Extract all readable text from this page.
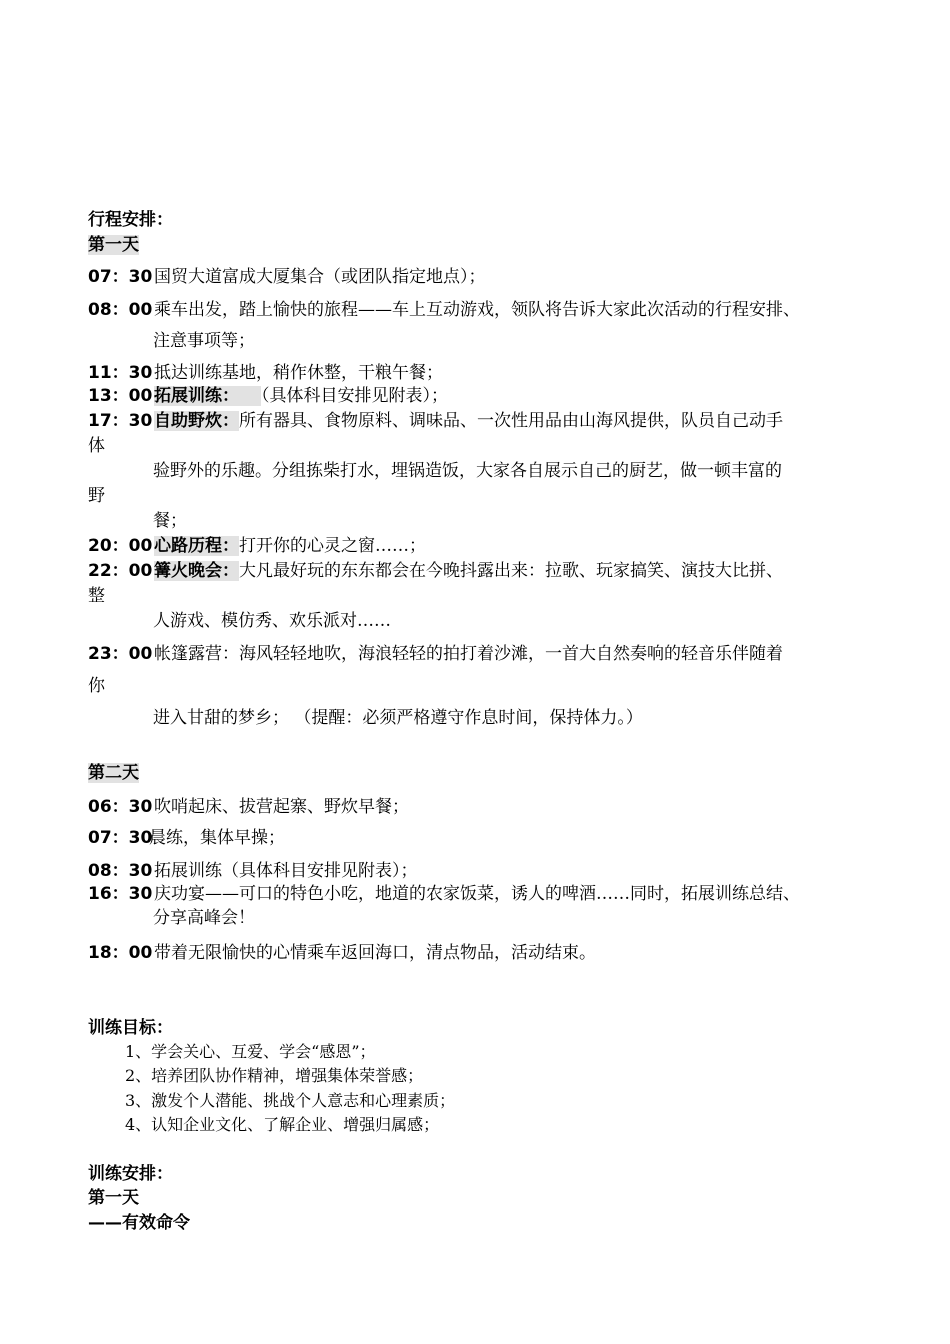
行程安排：
第一天
07：30国贸大道富成大厦集合（或团队指定地点）；
08：00乘车出发，踏上愉快的旅程——车上互动游戏，领队将告诉大家此次活动的行程安排、
注意事项等；
11：30抵达训练基地，稍作休整，干粮午餐；
13：00拓展训练： （具体科目安排见附表）；
17：30自助野炊：所有器具、食物原料、调味品、一次性用品由山海风提供，队员自己动手
体
验野外的乐趣。分组拣柴打水，埋锅造饭，大家各自展示自己的厨艺，做一顿丰富的
野
餐；
20：00心路历程：打开你的心灵之窗……；
22：00篝火晚会：大凡最好玩的东东都会在今晚抖露出来：拉歌、玩家搞笑、演技大比拼、
整
人游戏、模仿秀、欢乐派对……
23：00帐篷露营：海风轻轻地吹，海浪轻轻的拍打着沙滩，一首大自然奏响的轻音乐伴随着
你
进入甘甜的梦乡； （提醒：必须严格遵守作息时间，保持体力。）
第二天
06：30吹哨起床、拔营起寨、野炊早餐；
07：30晨练，集体早操；
08：30拓展训练（具体科目安排见附表）；
16：30庆功宴——可口的特色小吃，地道的农家饭菜，诱人的啤酒……同时，拓展训练总结、
分享高峰会！
18：00带着无限愉快的心情乘车返回海口，清点物品，活动结束。
训练目标：
1、学会关心、互爱、学会“感恩”；
2、培养团队协作精神，增强集体荣誉感；
3、激发个人潜能、挑战个人意志和心理素质；
4、认知企业文化、了解企业、增强归属感；
训练安排：
第一天
——有效命令
